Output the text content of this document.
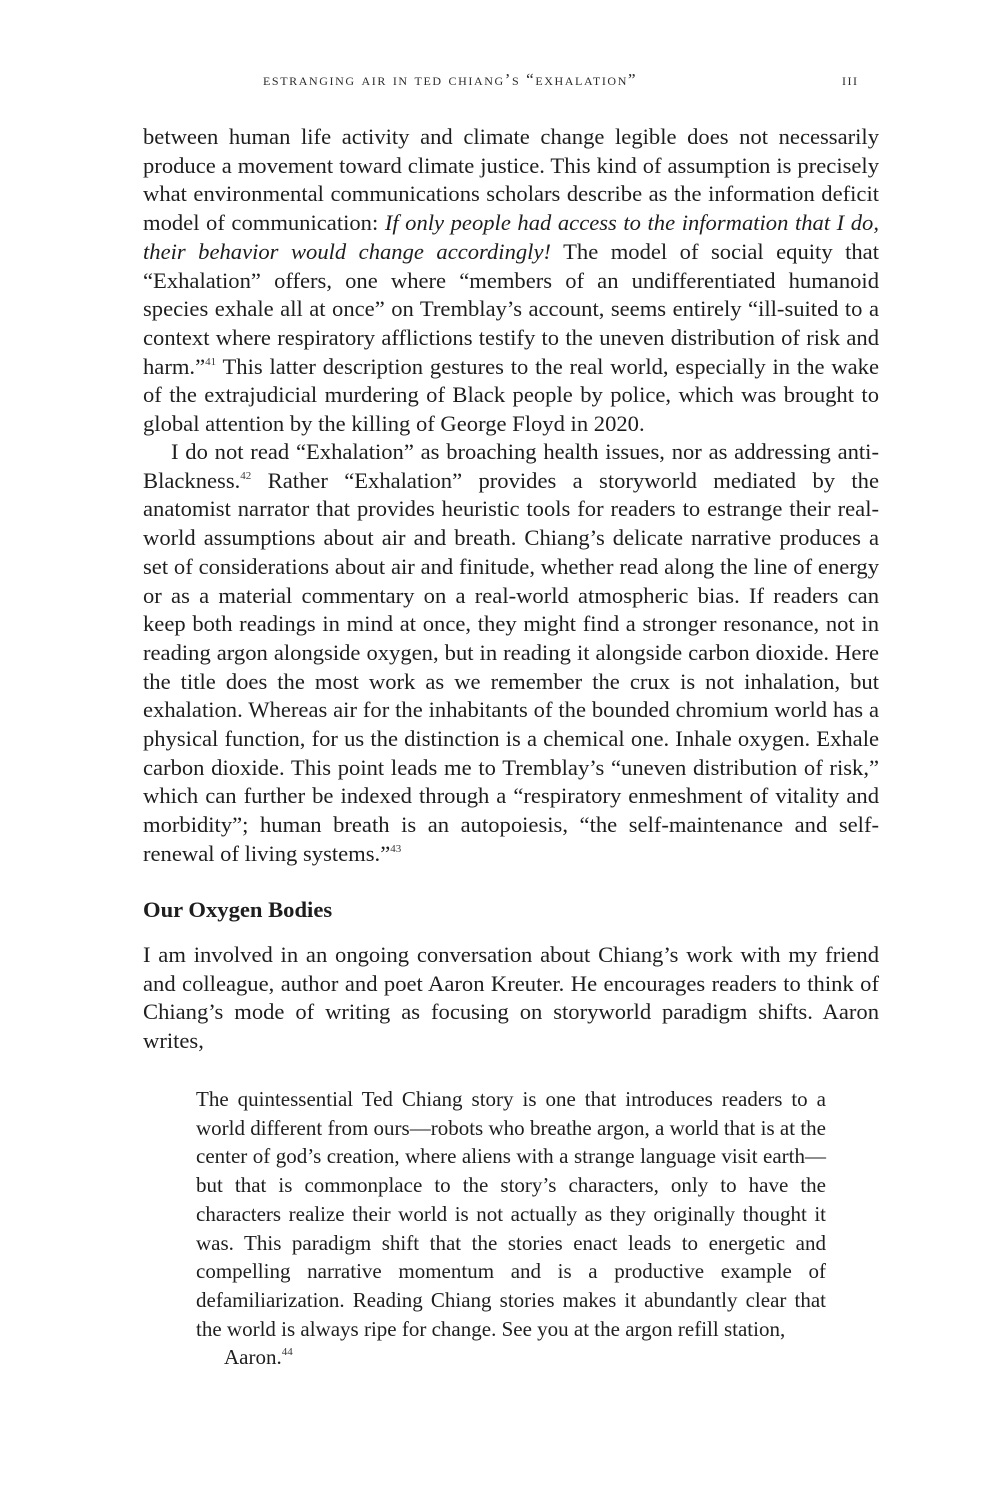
estranging air in ted chiang’s “exhalation”	iii

between human life activity and climate change legible does not necessarily produce a movement toward climate justice. This kind of assumption is precisely what environmental communications scholars describe as the information deficit model of communication: If only people had access to the information that I do, their behavior would change accordingly! The model of social equity that “Exhalation” offers, one where “members of an undifferentiated humanoid species exhale all at once” on Tremblay’s account, seems entirely “ill-suited to a context where respiratory afflictions testify to the uneven distribution of risk and harm.”$^{41}$ This latter description gestures to the real world, especially in the wake of the extrajudicial murdering of Black people by police, which was brought to global attention by the killing of George Floyd in 2020.

I do not read “Exhalation” as broaching health issues, nor as addressing anti-Blackness.$^{42}$ Rather “Exhalation” provides a storyworld mediated by the anatomist narrator that provides heuristic tools for readers to estrange their real-world assumptions about air and breath. Chiang’s delicate narrative produces a set of considerations about air and finitude, whether read along the line of energy or as a material commentary on a real-world atmospheric bias. If readers can keep both readings in mind at once, they might find a stronger resonance, not in reading argon alongside oxygen, but in reading it alongside carbon dioxide. Here the title does the most work as we remember the crux is not inhalation, but exhalation. Whereas air for the inhabitants of the bounded chromium world has a physical function, for us the distinction is a chemical one. Inhale oxygen. Exhale carbon dioxide. This point leads me to Tremblay’s “uneven distribution of risk,” which can further be indexed through a “respiratory enmeshment of vitality and morbidity”; human breath is an autopoiesis, “the self-maintenance and self-renewal of living systems.”$^{43}$

Our Oxygen Bodies

I am involved in an ongoing conversation about Chiang’s work with my friend and colleague, author and poet Aaron Kreuter. He encourages readers to think of Chiang’s mode of writing as focusing on storyworld paradigm shifts. Aaron writes,

The quintessential Ted Chiang story is one that introduces readers to a world different from ours—robots who breathe argon, a world that is at the center of god’s creation, where aliens with a strange language visit earth—but that is commonplace to the story’s characters, only to have the characters realize their world is not actually as they originally thought it was. This paradigm shift that the stories enact leads to energetic and compelling narrative momentum and is a productive example of defamiliarization. Reading Chiang stories makes it abundantly clear that the world is always ripe for change. See you at the argon refill station,

Aaron.$^{44}$
